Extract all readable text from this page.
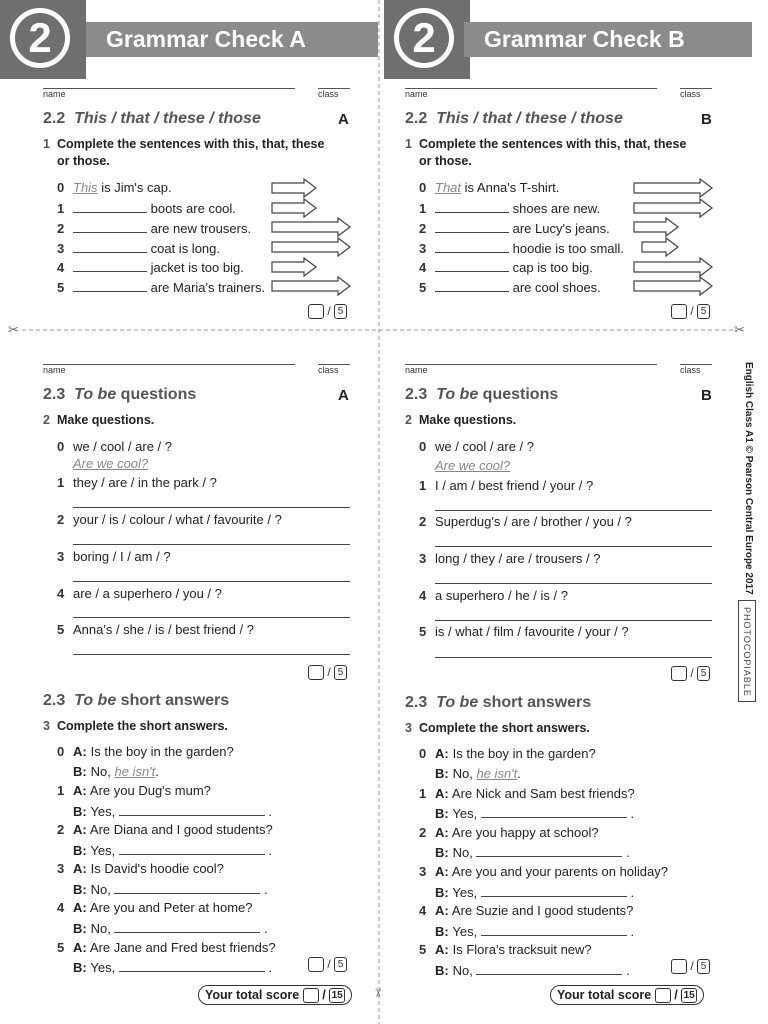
✂	✂
✂
2	Grammar Check A
name	class
2.2 This / that / these / those	A
1 Complete the sentences with this, that, these
or those.
0 This is Jim's cap.
1	boots are cool.
2	are new trousers.
3	coat is long.
4	jacket is too big.
5	are Maria's trainers.
/ 5
name	class
2.3 To be questions	A
2 Make questions.
0 we / cool / are / ?
Are we cool?
1 they / are / in the park / ?
2 your / is / colour / what / favourite / ?
3 boring / I / am / ?
4 are / a superhero / you / ?
5 Anna's / she / is / best friend / ?
/ 5
2.3 To be short answers
3 Complete the short answers.
0 A: Is the boy in the garden?
B: No, he isn't.
1 A: Are you Dug's mum?
B: Yes,	.
2 A: Are Diana and I good students?
B: Yes,	.
3 A: Is David's hoodie cool?
B: No,	.
4 A: Are you and Peter at home?
B: No,	.
5 A: Are Jane and Fred best friends?
B: Yes,	.	/ 5
Your total score / 15
2	Grammar Check B
name	class
2.2 This / that / these / those	B
1 Complete the sentences with this, that, these
or those.
0 That is Anna's T-shirt.
1	shoes are new.
2	are Lucy's jeans.
3	hoodie is too small.
4	cap is too big.
5	are cool shoes.
/ 5
name	class
2.3 To be questions	B
2 Make questions.
0 we / cool / are / ?
Are we cool?
1 I / am / best friend / your / ?
2 Superdug's / are / brother / you / ?
3 long / they / are / trousers / ?
4 a superhero / he / is / ?
5 is / what / film / favourite / your / ?
/ 5
2.3 To be short answers
3 Complete the short answers.
0 A: Is the boy in the garden?
B: No, he isn't.
1 A: Are Nick and Sam best friends?
B: Yes,	.
2 A: Are you happy at school?
B: No,	.
3 A: Are you and your parents on holiday?
B: Yes,	.
4 A: Are Suzie and I good students?
B: Yes,	.
5 A: Is Flora's tracksuit new?
B: No,	.	/ 5
Your total score / 15
English Class A1 © Pearson Central Europe 2017
PHOTOCOPIABLE
